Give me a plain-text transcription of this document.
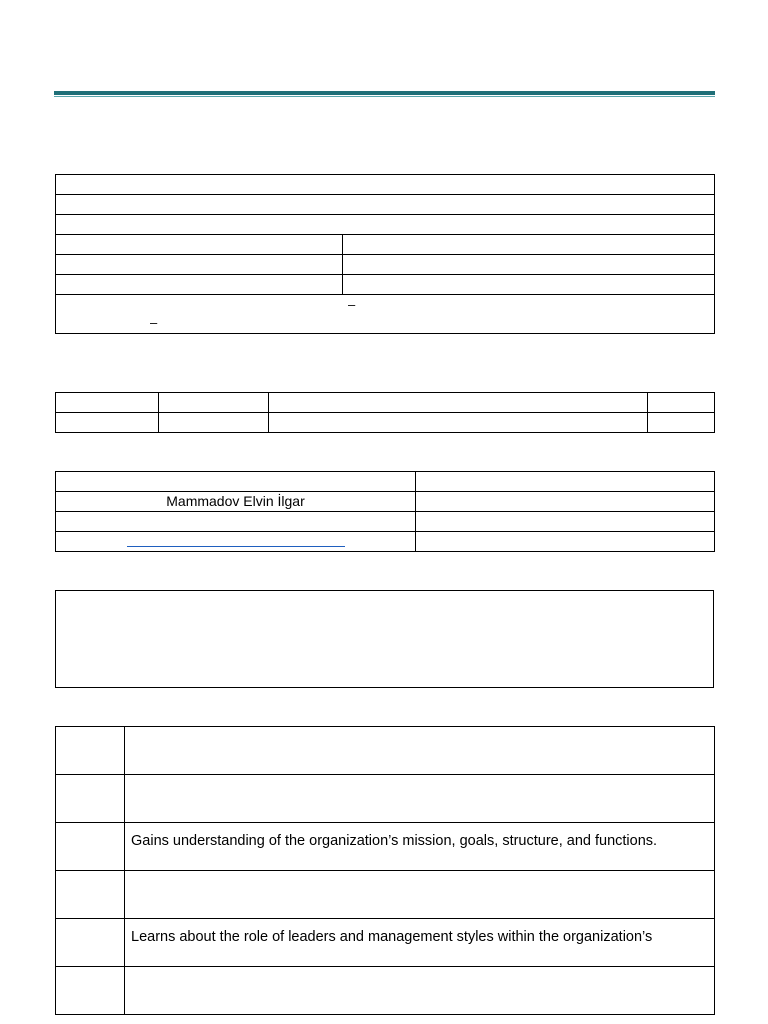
–
–	

Mammadov Elvin İlgar	

	Gains understanding of the organization’s mission, goals, structure, and functions.

	Learns about the role of leaders and management styles within the organization’s
